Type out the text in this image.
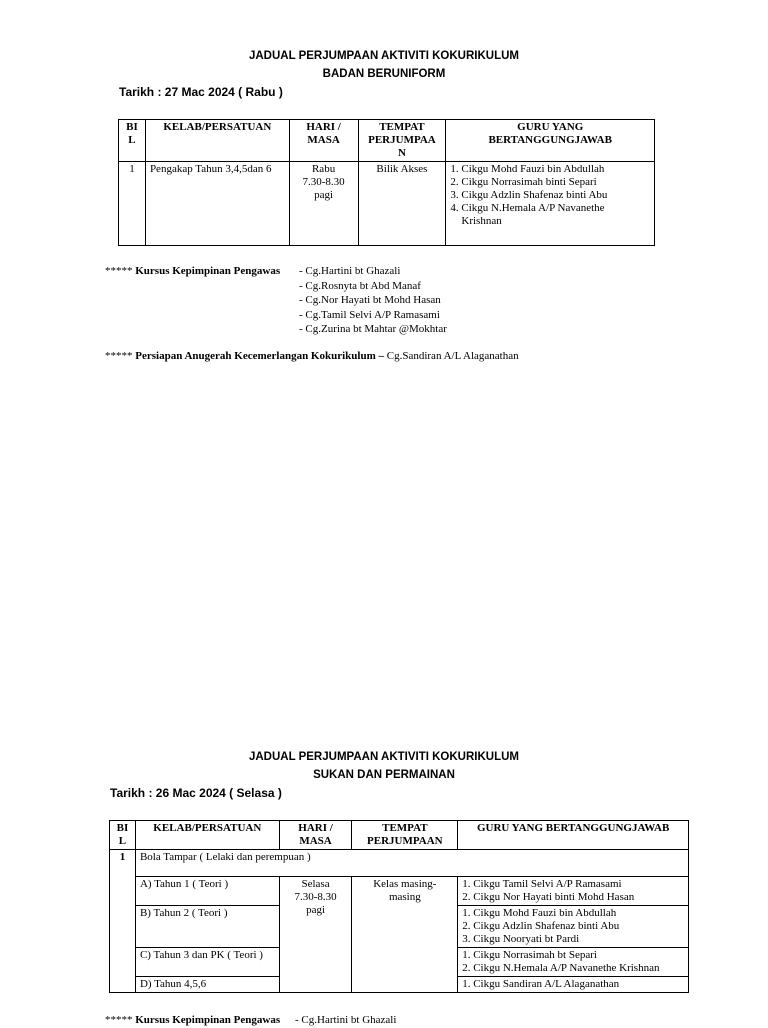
JADUAL PERJUMPAAN AKTIVITI KOKURIKULUM
BADAN BERUNIFORM
Tarikh : 27 Mac 2024 ( Rabu )
BI
L	KELAB/PERSATUAN	HARI /
MASA	TEMPAT
PERJUMPAA
N	GURU YANG
BERTANGGUNGJAWAB

1	Pengakap Tahun 3,4,5dan 6	Rabu
7.30-8.30
pagi	Bilik Akses	1. Cikgu Mohd Fauzi bin Abdullah
2. Cikgu Norrasimah binti Separi
3. Cikgu Adzlin Shafenaz binti Abu
4. Cikgu N.Hemala A/P Navanethe
Krishnan
***** Kursus Kepimpinan Pengawas - Cg.Hartini bt Ghazali
- Cg.Rosnyta bt Abd Manaf
- Cg.Nor Hayati bt Mohd Hasan
- Cg.Tamil Selvi A/P Ramasami
- Cg.Zurina bt Mahtar @Mokhtar
***** Persiapan Anugerah Kecemerlangan Kokurikulum – Cg.Sandiran A/L Alaganathan
JADUAL PERJUMPAAN AKTIVITI KOKURIKULUM
SUKAN DAN PERMAINAN
Tarikh : 26 Mac 2024 ( Selasa )
BI
L	KELAB/PERSATUAN	HARI /
MASA	TEMPAT
PERJUMPAAN	GURU YANG BERTANGGUNGJAWAB
1	Bola Tampar ( Lelaki dan perempuan )			
	A) Tahun 1 ( Teori )	Selasa
7.30-8.30
pagi	Kelas masing-
masing	1. Cikgu Tamil Selvi A/P Ramasami
2. Cikgu Nor Hayati binti Mohd Hasan

	B) Tahun 2 ( Teori )			1. Cikgu Mohd Fauzi bin Abdullah
2. Cikgu Adzlin Shafenaz binti Abu
3. Cikgu Nooryati bt Pardi

	C) Tahun 3 dan PK ( Teori )			1. Cikgu Norrasimah bt Separi
2. Cikgu N.Hemala A/P Navanethe Krishnan

	D) Tahun 4,5,6			1. Cikgu Sandiran A/L Alaganathan
***** Kursus Kepimpinan Pengawas - Cg.Hartini bt Ghazali
